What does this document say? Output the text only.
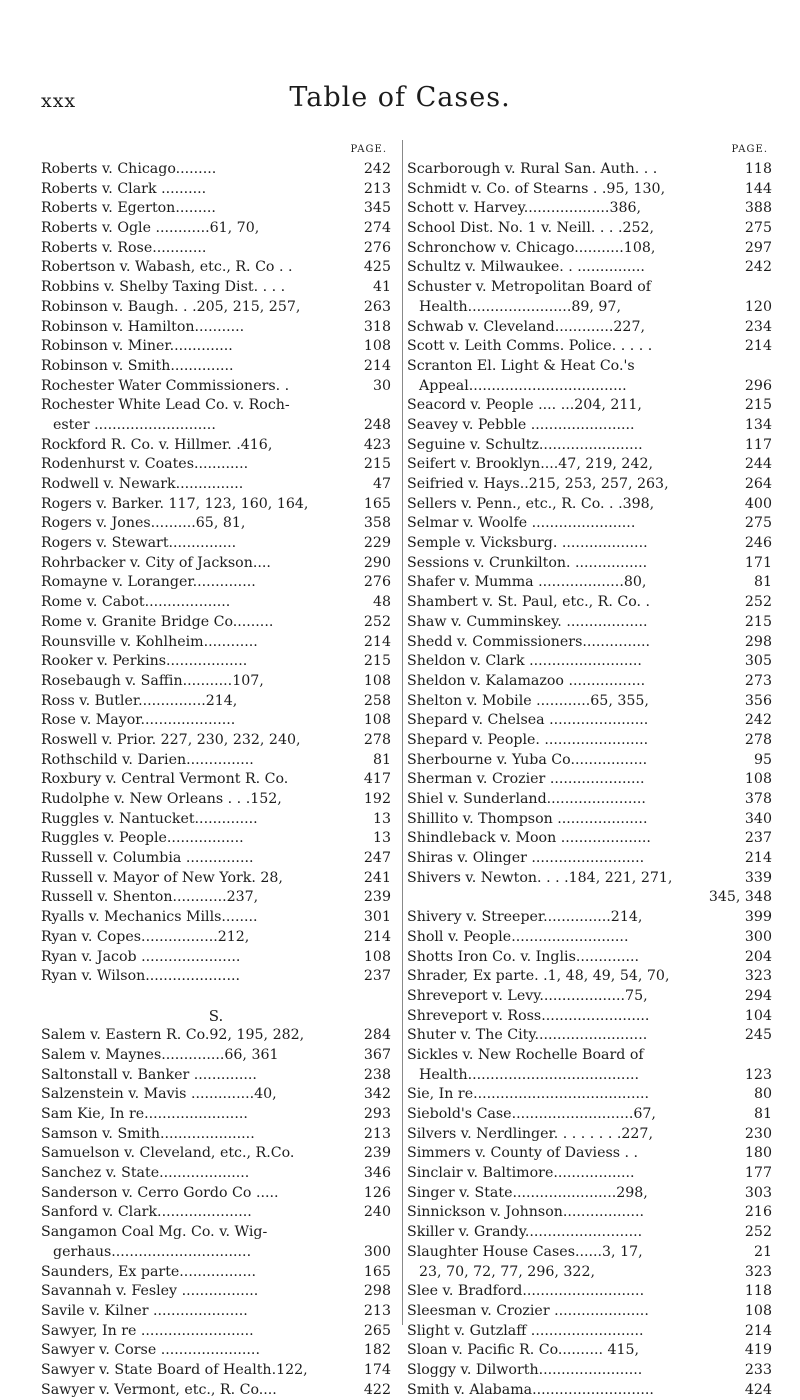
xxx	Table of Cases.
PAGE.
242
Roberts v. Chicago.........
213
Roberts v. Clark ..........
345
Roberts v. Egerton.........
274
Roberts v. Ogle ............61, 70,
276
Roberts v. Rose............
425
Robertson v. Wabash, etc., R. Co . .
41
Robbins v. Shelby Taxing Dist. . . .
263
Robinson v. Baugh. . .205, 215, 257,
318
Robinson v. Hamilton...........
108
Robinson v. Miner..............
214
Robinson v. Smith..............
30
Rochester Water Commissioners. .
Rochester White Lead Co. v. Roch-
248
ester ...........................
423
Rockford R. Co. v. Hillmer. .416,
215
Rodenhurst v. Coates............
47
Rodwell v. Newark...............
165
Rogers v. Barker. 117, 123, 160, 164,
358
Rogers v. Jones..........65, 81,
229
Rogers v. Stewart...............
290
Rohrbacker v. City of Jackson....
276
Romayne v. Loranger..............
48
Rome v. Cabot...................
252
Rome v. Granite Bridge Co.........
214
Rounsville v. Kohlheim............
215
Rooker v. Perkins..................
108
Rosebaugh v. Saffin...........107,
258
Ross v. Butler...............214,
108
Rose v. Mayor.....................
278
Roswell v. Prior. 227, 230, 232, 240,
81
Rothschild v. Darien...............
417
Roxbury v. Central Vermont R. Co.
192
Rudolphe v. New Orleans . . .152,
13
Ruggles v. Nantucket..............
13
Ruggles v. People.................
247
Russell v. Columbia ...............
241
Russell v. Mayor of New York. 28,
239
Russell v. Shenton............237,
301
Ryalls v. Mechanics Mills........
214
Ryan v. Copes.................212,
108
Ryan v. Jacob ......................
237
Ryan v. Wilson.....................
S.
284
Salem v. Eastern R. Co.92, 195, 282,
367
Salem v. Maynes..............66, 361
238
Saltonstall v. Banker ..............
342
Salzenstein v. Mavis ..............40,
293
Sam Kie, In re.......................
213
Samson v. Smith.....................
239
Samuelson v. Cleveland, etc., R.Co.
346
Sanchez v. State....................
126
Sanderson v. Cerro Gordo Co .....
240
Sanford v. Clark.....................
Sangamon Coal Mg. Co. v. Wig-
300
gerhaus...............................
165
Saunders, Ex parte.................
298
Savannah v. Fesley .................
213
Savile v. Kilner .....................
265
Sawyer, In re .........................
182
Sawyer v. Corse ......................
174
Sawyer v. State Board of Health.122,
422
Sawyer v. Vermont, etc., R. Co....
PAGE.
118
Scarborough v. Rural San. Auth. . .
144
Schmidt v. Co. of Stearns . .95, 130,
388
Schott v. Harvey...................386,
275
School Dist. No. 1 v. Neill. . . .252,
297
Schronchow v. Chicago...........108,
242
Schultz v. Milwaukee. . ...............
Schuster v. Metropolitan Board of
120
Health.......................89, 97,
234
Schwab v. Cleveland.............227,
214
Scott v. Leith Comms. Police. . . . .
Scranton El. Light & Heat Co.'s
296
Appeal...................................
215
Seacord v. People .... ...204, 211,
134
Seavey v. Pebble .......................
117
Seguine v. Schultz.......................
244
Seifert v. Brooklyn....47, 219, 242,
264
Seifried v. Hays..215, 253, 257, 263,
400
Sellers v. Penn., etc., R. Co. . .398,
275
Selmar v. Woolfe .......................
246
Semple v. Vicksburg. ...................
171
Sessions v. Crunkilton. ................
81
Shafer v. Mumma ...................80,
252
Shambert v. St. Paul, etc., R. Co. .
215
Shaw v. Cumminskey. ..................
298
Shedd v. Commissioners...............
305
Sheldon v. Clark .........................
273
Sheldon v. Kalamazoo .................
356
Shelton v. Mobile ............65, 355,
242
Shepard v. Chelsea ......................
278
Shepard v. People. .......................
95
Sherbourne v. Yuba Co.................
108
Sherman v. Crozier .....................
378
Shiel v. Sunderland......................
340
Shillito v. Thompson ....................
237
Shindleback v. Moon ....................
214
Shiras v. Olinger .........................
339
Shivers v. Newton. . . .184, 221, 271,
345, 348
399
Shivery v. Streeper...............214,
300
Sholl v. People..........................
204
Shotts Iron Co. v. Inglis..............
323
Shrader, Ex parte. .1, 48, 49, 54, 70,
294
Shreveport v. Levy...................75,
104
Shreveport v. Ross........................
245
Shuter v. The City.........................
Sickles v. New Rochelle Board of
123
Health......................................
80
Sie, In re.......................................
81
Siebold's Case...........................67,
230
Silvers v. Nerdlinger. . . . . . . .227,
180
Simmers v. County of Daviess . .
177
Sinclair v. Baltimore..................
303
Singer v. State.......................298,
216
Sinnickson v. Johnson..................
252
Skiller v. Grandy..........................
21
Slaughter House Cases......3, 17,
323
23, 70, 72, 77, 296, 322,
118
Slee v. Bradford...........................
108
Sleesman v. Crozier .....................
214
Slight v. Gutzlaff .........................
419
Sloan v. Pacific R. Co.......... 415,
233
Sloggy v. Dilworth.......................
424
Smith v. Alabama...........................
